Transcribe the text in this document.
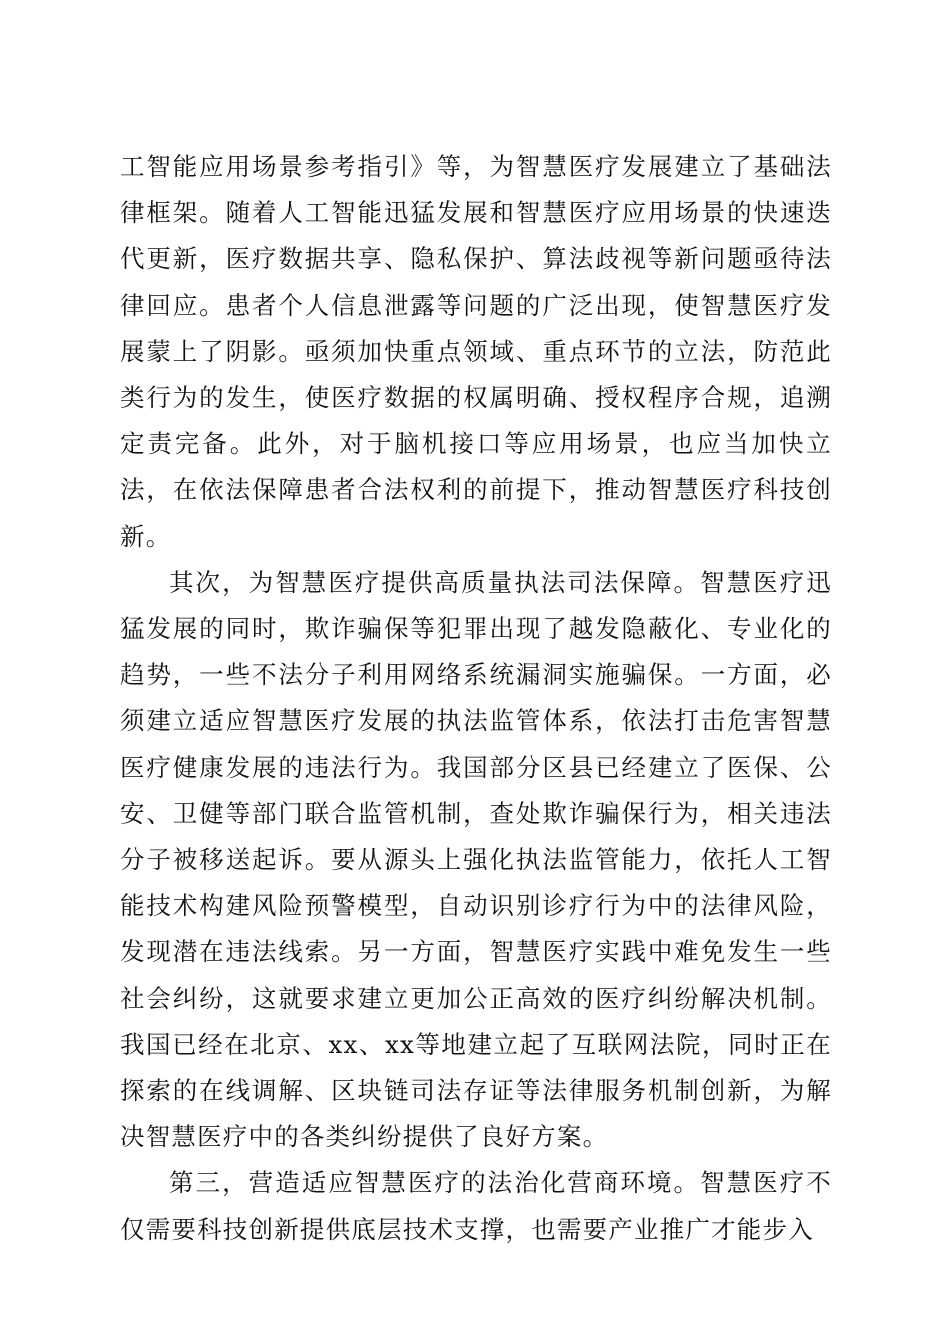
工智能应用场景参考指引》等，为智慧医疗发展建立了基础法律框架。随着人工智能迅猛发展和智慧医疗应用场景的快速迭代更新，医疗数据共享、隐私保护、算法歧视等新问题亟待法律回应。患者个人信息泄露等问题的广泛出现，使智慧医疗发展蒙上了阴影。亟须加快重点领域、重点环节的立法，防范此类行为的发生，使医疗数据的权属明确、授权程序合规，追溯定责完备。此外，对于脑机接口等应用场景，也应当加快立法，在依法保障患者合法权利的前提下，推动智慧医疗科技创新。

其次，为智慧医疗提供高质量执法司法保障。智慧医疗迅猛发展的同时，欺诈骗保等犯罪出现了越发隐蔽化、专业化的趋势，一些不法分子利用网络系统漏洞实施骗保。一方面，必须建立适应智慧医疗发展的执法监管体系，依法打击危害智慧医疗健康发展的违法行为。我国部分区县已经建立了医保、公安、卫健等部门联合监管机制，查处欺诈骗保行为，相关违法分子被移送起诉。要从源头上强化执法监管能力，依托人工智能技术构建风险预警模型，自动识别诊疗行为中的法律风险，发现潜在违法线索。另一方面，智慧医疗实践中难免发生一些社会纠纷，这就要求建立更加公正高效的医疗纠纷解决机制。我国已经在北京、xx、xx等地建立起了互联网法院，同时正在探索的在线调解、区块链司法存证等法律服务机制创新，为解决智慧医疗中的各类纠纷提供了良好方案。

第三，营造适应智慧医疗的法治化营商环境。智慧医疗不仅需要科技创新提供底层技术支撑，也需要产业推广才能步入
